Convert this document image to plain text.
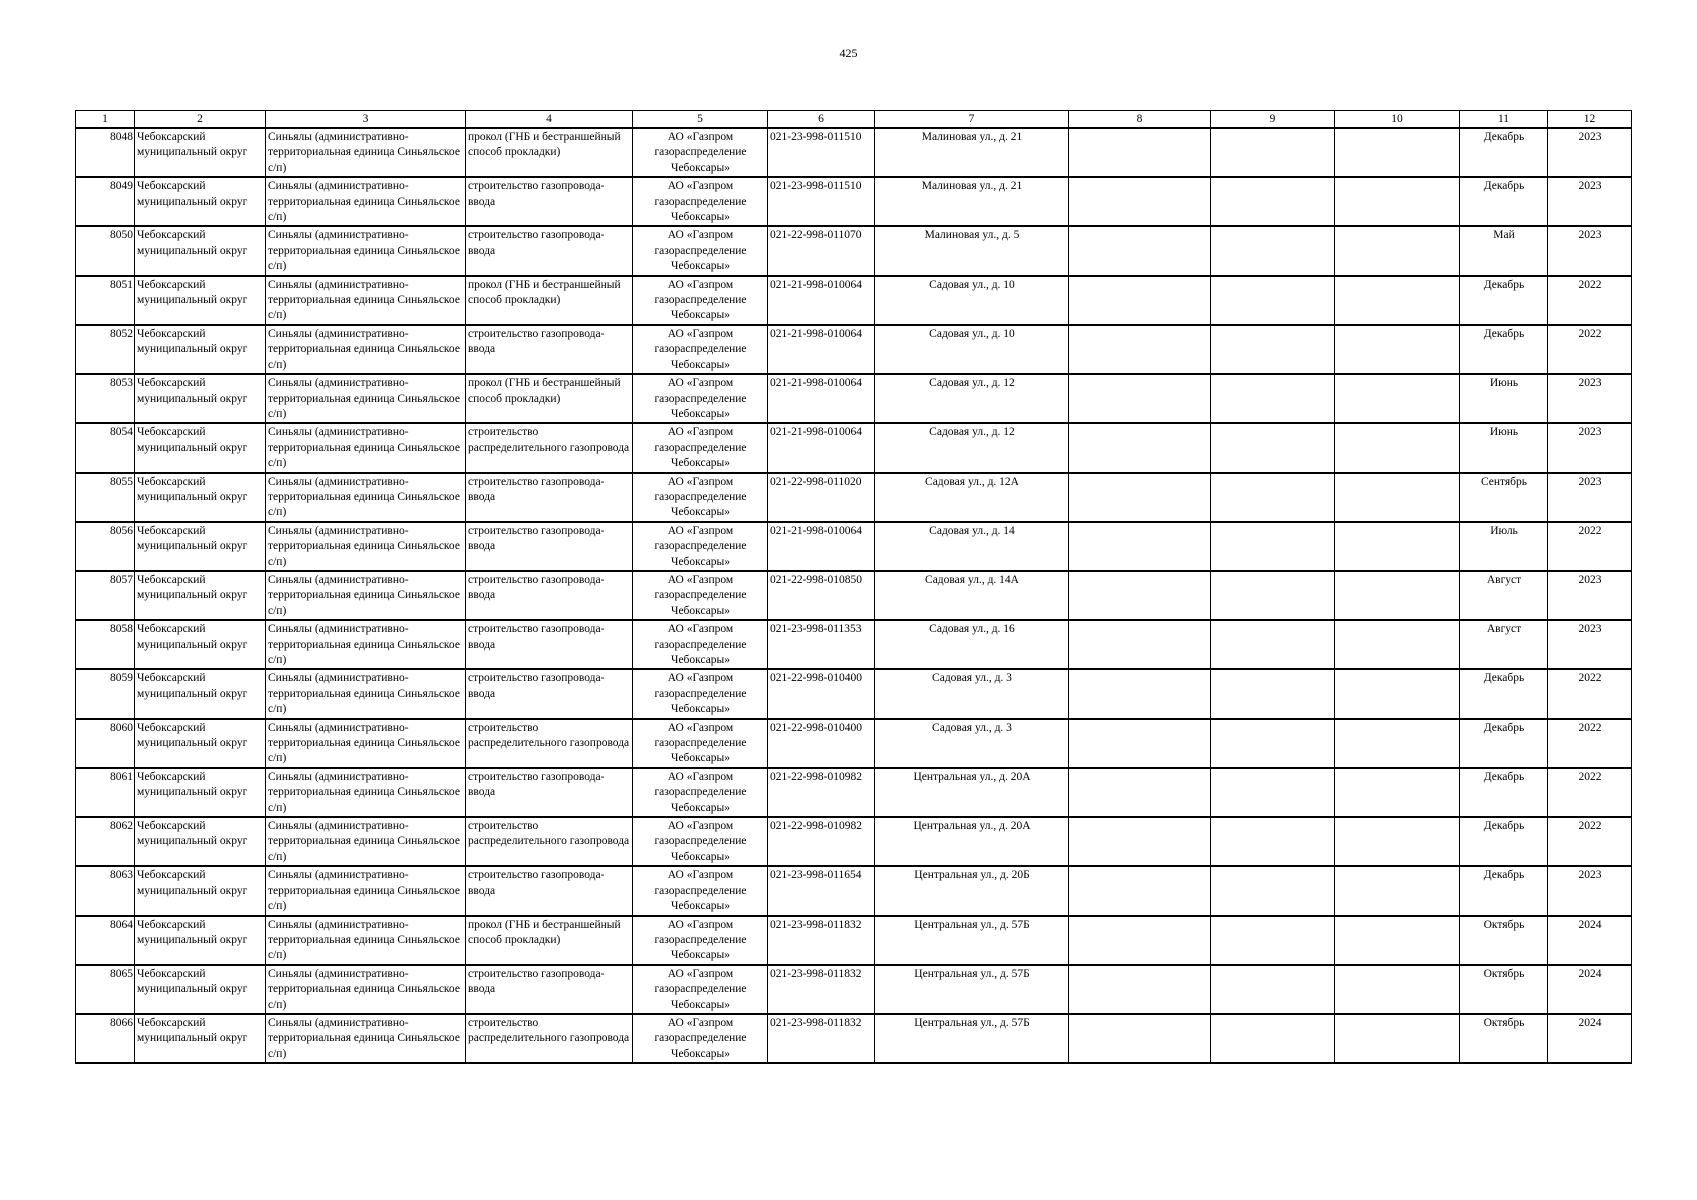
425
1	2	3	4	5	6	7	8	9	10	11	12
8048	Чебоксарский муниципальный округ	Синьялы (административно-территориальная единица Синьяльское с/п)	прокол (ГНБ и бестраншейный способ прокладки)	АО «Газпром газораспределение Чебоксары»	021-23-998-011510	Малиновая ул., д. 21				Декабрь	2023
8049	Чебоксарский муниципальный округ	Синьялы (административно-территориальная единица Синьяльское с/п)	строительство газопровода-ввода	АО «Газпром газораспределение Чебоксары»	021-23-998-011510	Малиновая ул., д. 21				Декабрь	2023
8050	Чебоксарский муниципальный округ	Синьялы (административно-территориальная единица Синьяльское с/п)	строительство газопровода-ввода	АО «Газпром газораспределение Чебоксары»	021-22-998-011070	Малиновая ул., д. 5				Май	2023
8051	Чебоксарский муниципальный округ	Синьялы (административно-территориальная единица Синьяльское с/п)	прокол (ГНБ и бестраншейный способ прокладки)	АО «Газпром газораспределение Чебоксары»	021-21-998-010064	Садовая ул., д. 10				Декабрь	2022
8052	Чебоксарский муниципальный округ	Синьялы (административно-территориальная единица Синьяльское с/п)	строительство газопровода-ввода	АО «Газпром газораспределение Чебоксары»	021-21-998-010064	Садовая ул., д. 10				Декабрь	2022
8053	Чебоксарский муниципальный округ	Синьялы (административно-территориальная единица Синьяльское с/п)	прокол (ГНБ и бестраншейный способ прокладки)	АО «Газпром газораспределение Чебоксары»	021-21-998-010064	Садовая ул., д. 12				Июнь	2023
8054	Чебоксарский муниципальный округ	Синьялы (административно-территориальная единица Синьяльское с/п)	строительство распределительного газопровода	АО «Газпром газораспределение Чебоксары»	021-21-998-010064	Садовая ул., д. 12				Июнь	2023
8055	Чебоксарский муниципальный округ	Синьялы (административно-территориальная единица Синьяльское с/п)	строительство газопровода-ввода	АО «Газпром газораспределение Чебоксары»	021-22-998-011020	Садовая ул., д. 12А				Сентябрь	2023
8056	Чебоксарский муниципальный округ	Синьялы (административно-территориальная единица Синьяльское с/п)	строительство газопровода-ввода	АО «Газпром газораспределение Чебоксары»	021-21-998-010064	Садовая ул., д. 14				Июль	2022
8057	Чебоксарский муниципальный округ	Синьялы (административно-территориальная единица Синьяльское с/п)	строительство газопровода-ввода	АО «Газпром газораспределение Чебоксары»	021-22-998-010850	Садовая ул., д. 14А				Август	2023
8058	Чебоксарский муниципальный округ	Синьялы (административно-территориальная единица Синьяльское с/п)	строительство газопровода-ввода	АО «Газпром газораспределение Чебоксары»	021-23-998-011353	Садовая ул., д. 16				Август	2023
8059	Чебоксарский муниципальный округ	Синьялы (административно-территориальная единица Синьяльское с/п)	строительство газопровода-ввода	АО «Газпром газораспределение Чебоксары»	021-22-998-010400	Садовая ул., д. 3				Декабрь	2022
8060	Чебоксарский муниципальный округ	Синьялы (административно-территориальная единица Синьяльское с/п)	строительство распределительного газопровода	АО «Газпром газораспределение Чебоксары»	021-22-998-010400	Садовая ул., д. 3				Декабрь	2022
8061	Чебоксарский муниципальный округ	Синьялы (административно-территориальная единица Синьяльское с/п)	строительство газопровода-ввода	АО «Газпром газораспределение Чебоксары»	021-22-998-010982	Центральная ул., д. 20А				Декабрь	2022
8062	Чебоксарский муниципальный округ	Синьялы (административно-территориальная единица Синьяльское с/п)	строительство распределительного газопровода	АО «Газпром газораспределение Чебоксары»	021-22-998-010982	Центральная ул., д. 20А				Декабрь	2022
8063	Чебоксарский муниципальный округ	Синьялы (административно-территориальная единица Синьяльское с/п)	строительство газопровода-ввода	АО «Газпром газораспределение Чебоксары»	021-23-998-011654	Центральная ул., д. 20Б				Декабрь	2023
8064	Чебоксарский муниципальный округ	Синьялы (административно-территориальная единица Синьяльское с/п)	прокол (ГНБ и бестраншейный способ прокладки)	АО «Газпром газораспределение Чебоксары»	021-23-998-011832	Центральная ул., д. 57Б				Октябрь	2024
8065	Чебоксарский муниципальный округ	Синьялы (административно-территориальная единица Синьяльское с/п)	строительство газопровода-ввода	АО «Газпром газораспределение Чебоксары»	021-23-998-011832	Центральная ул., д. 57Б				Октябрь	2024
8066	Чебоксарский муниципальный округ	Синьялы (административно-территориальная единица Синьяльское с/п)	строительство распределительного газопровода	АО «Газпром газораспределение Чебоксары»	021-23-998-011832	Центральная ул., д. 57Б				Октябрь	2024
